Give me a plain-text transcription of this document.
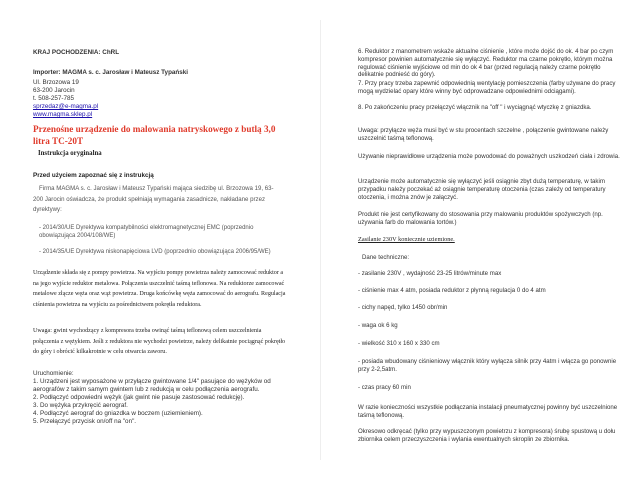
KRAJ POCHODZENIA: ChRL

Importer: MAGMA s. c. Jarosław i Mateusz Typański

Ul. Brzozowa 19
63-200 Jarocin
t. 508-257-785
sprzedaz@e-magma.pl
www.magma.sklep.pl

Przenośne urządzenie do malowania natryskowego z butlą 3,0 litra TC-20T

Instrukcja oryginalna

Przed użyciem zapoznać się z instrukcją

Firma MAGMA s. c. Jarosław i Mateusz Typański mająca siedzibę ul. Brzozowa 19, 63-200 Jarocin oświadcza, że produkt spełniają wymagania zasadnicze, nakładane przez dyrektywy:

- 2014/30/UE Dyrektywa kompatybilności elektromagnetycznej EMC (poprzednio obowiązująca 2004/108/WE)
- 2014/35/UE Dyrektywa niskonapięciowa LVD (poprzednio obowiązująca 2006/95/WE)

Urządzenie składa się z pompy powietrza. Na wyjściu pompy powietrza należy zamocować reduktor a na jego wyjście reduktor metalowa. Połączenia uszczelnić taśmą teflonowa. Na reduktorze zamocować metalowe złącze węża oraz wąż powietrza. Druga końcówkę węża zamocować do aerografu. Regulacja ciśnienia powietrza na wyjściu za pośrednictwem pokrętła reduktora.

Uwaga: gwint wychodzący z kompresora trzeba owinąć taśmą teflonową celem uszczelnienia połączenia z wężykiem. Jeśli z reduktora nie wychodzi powietrze, należy delikatnie pociągnąć pokrętło do góry i obrócić kilkakrotnie w celu otwarcia zaworu.

Uruchomienie:

1. Urządzeni jest wyposażone w przyłącze gwintowane 1/4" pasujące do wężyków od aerografów z takim samym gwintem lub z redukcją w celu podłączenia aerografu.
2. Podłączyć odpowiedni wężyk (jak gwint nie pasuje zastosować redukcję).
3. Do wężyka przykręcić aerograf.
4. Podłączyć aerograf do gniazdka w bo𝑐zem (uziemieniem).
5. Przełączyć przycisk on/off na "on".

6. Reduktor z manometrem wskaże aktualne ciśnienie , które może dojść do ok. 4 bar po czym kompresor powinien automatycznie się wyłączyć. Reduktor ma czarne pokrętło, którym można regulować ciśnienie wyjściowe od min do ok 4 bar (przed regulacją należy czarne pokrętło delikatnie podnieść do góry).

7. Przy pracy trzeba zapewnić odpowiednią wentylację pomieszczenia (farby używane do pracy mogą wydzielać opary które winny być odprowadzane odpowiednimi odciągami).

8. Po zakończeniu pracy przełączyć włącznik na "off " i wyciągnąć wtyczkę z gniazdka.

Uwaga: przyłącze węża musi być w stu procentach szczelne , połączenie gwintowane należy uszczelnić taśmą teflonową.

Używanie nieprawidłowe urządzenia może powodować do poważnych uszkodzeń ciała i zdrowia.

Urządzenie może automatycznie się wyłączyć jeśli osiągnie zbyt dużą temperaturę, w takim przypadku należy poczekać aż osiągnie temperaturę otoczenia (czas zależy od temperatury otoczenia, i można znów je załączyć.

Produkt nie jest certyfikowany do stosowania przy malowaniu produktów spożywczych (np. używania farb do malowania tortów.)

Zasilanie 230V koniecznie uziemione.

Dane techniczne:

- zasilanie 230V , wydajność 23-25 litrów/minute max

- ciśnienie max 4 atm, posiada reduktor z płynną regulacja 0 do 4 atm

- cichy napęd, tylko 1450 obr/min

- waga ok 6 kg

- wielkość 310 x 160 x 330 cm

- posiada wbudowany ciśnieniowy włącznik który wyłącza silnik przy 4atm i włącza go ponownie przy 2-2,5atm.

- czas pracy 60 min

W razie konieczności wszystkie podłączania instalacji pneumatycznej powinny być uszczelnione taśmą teflonową.

Okresowo odkręcać (tylko przy wypuszczonym powietrzu z kompresora) śrubę spustową u dołu zbiornika celem przeczyszczenia i wylania ewentualnych skroplin ze zbiornika.
